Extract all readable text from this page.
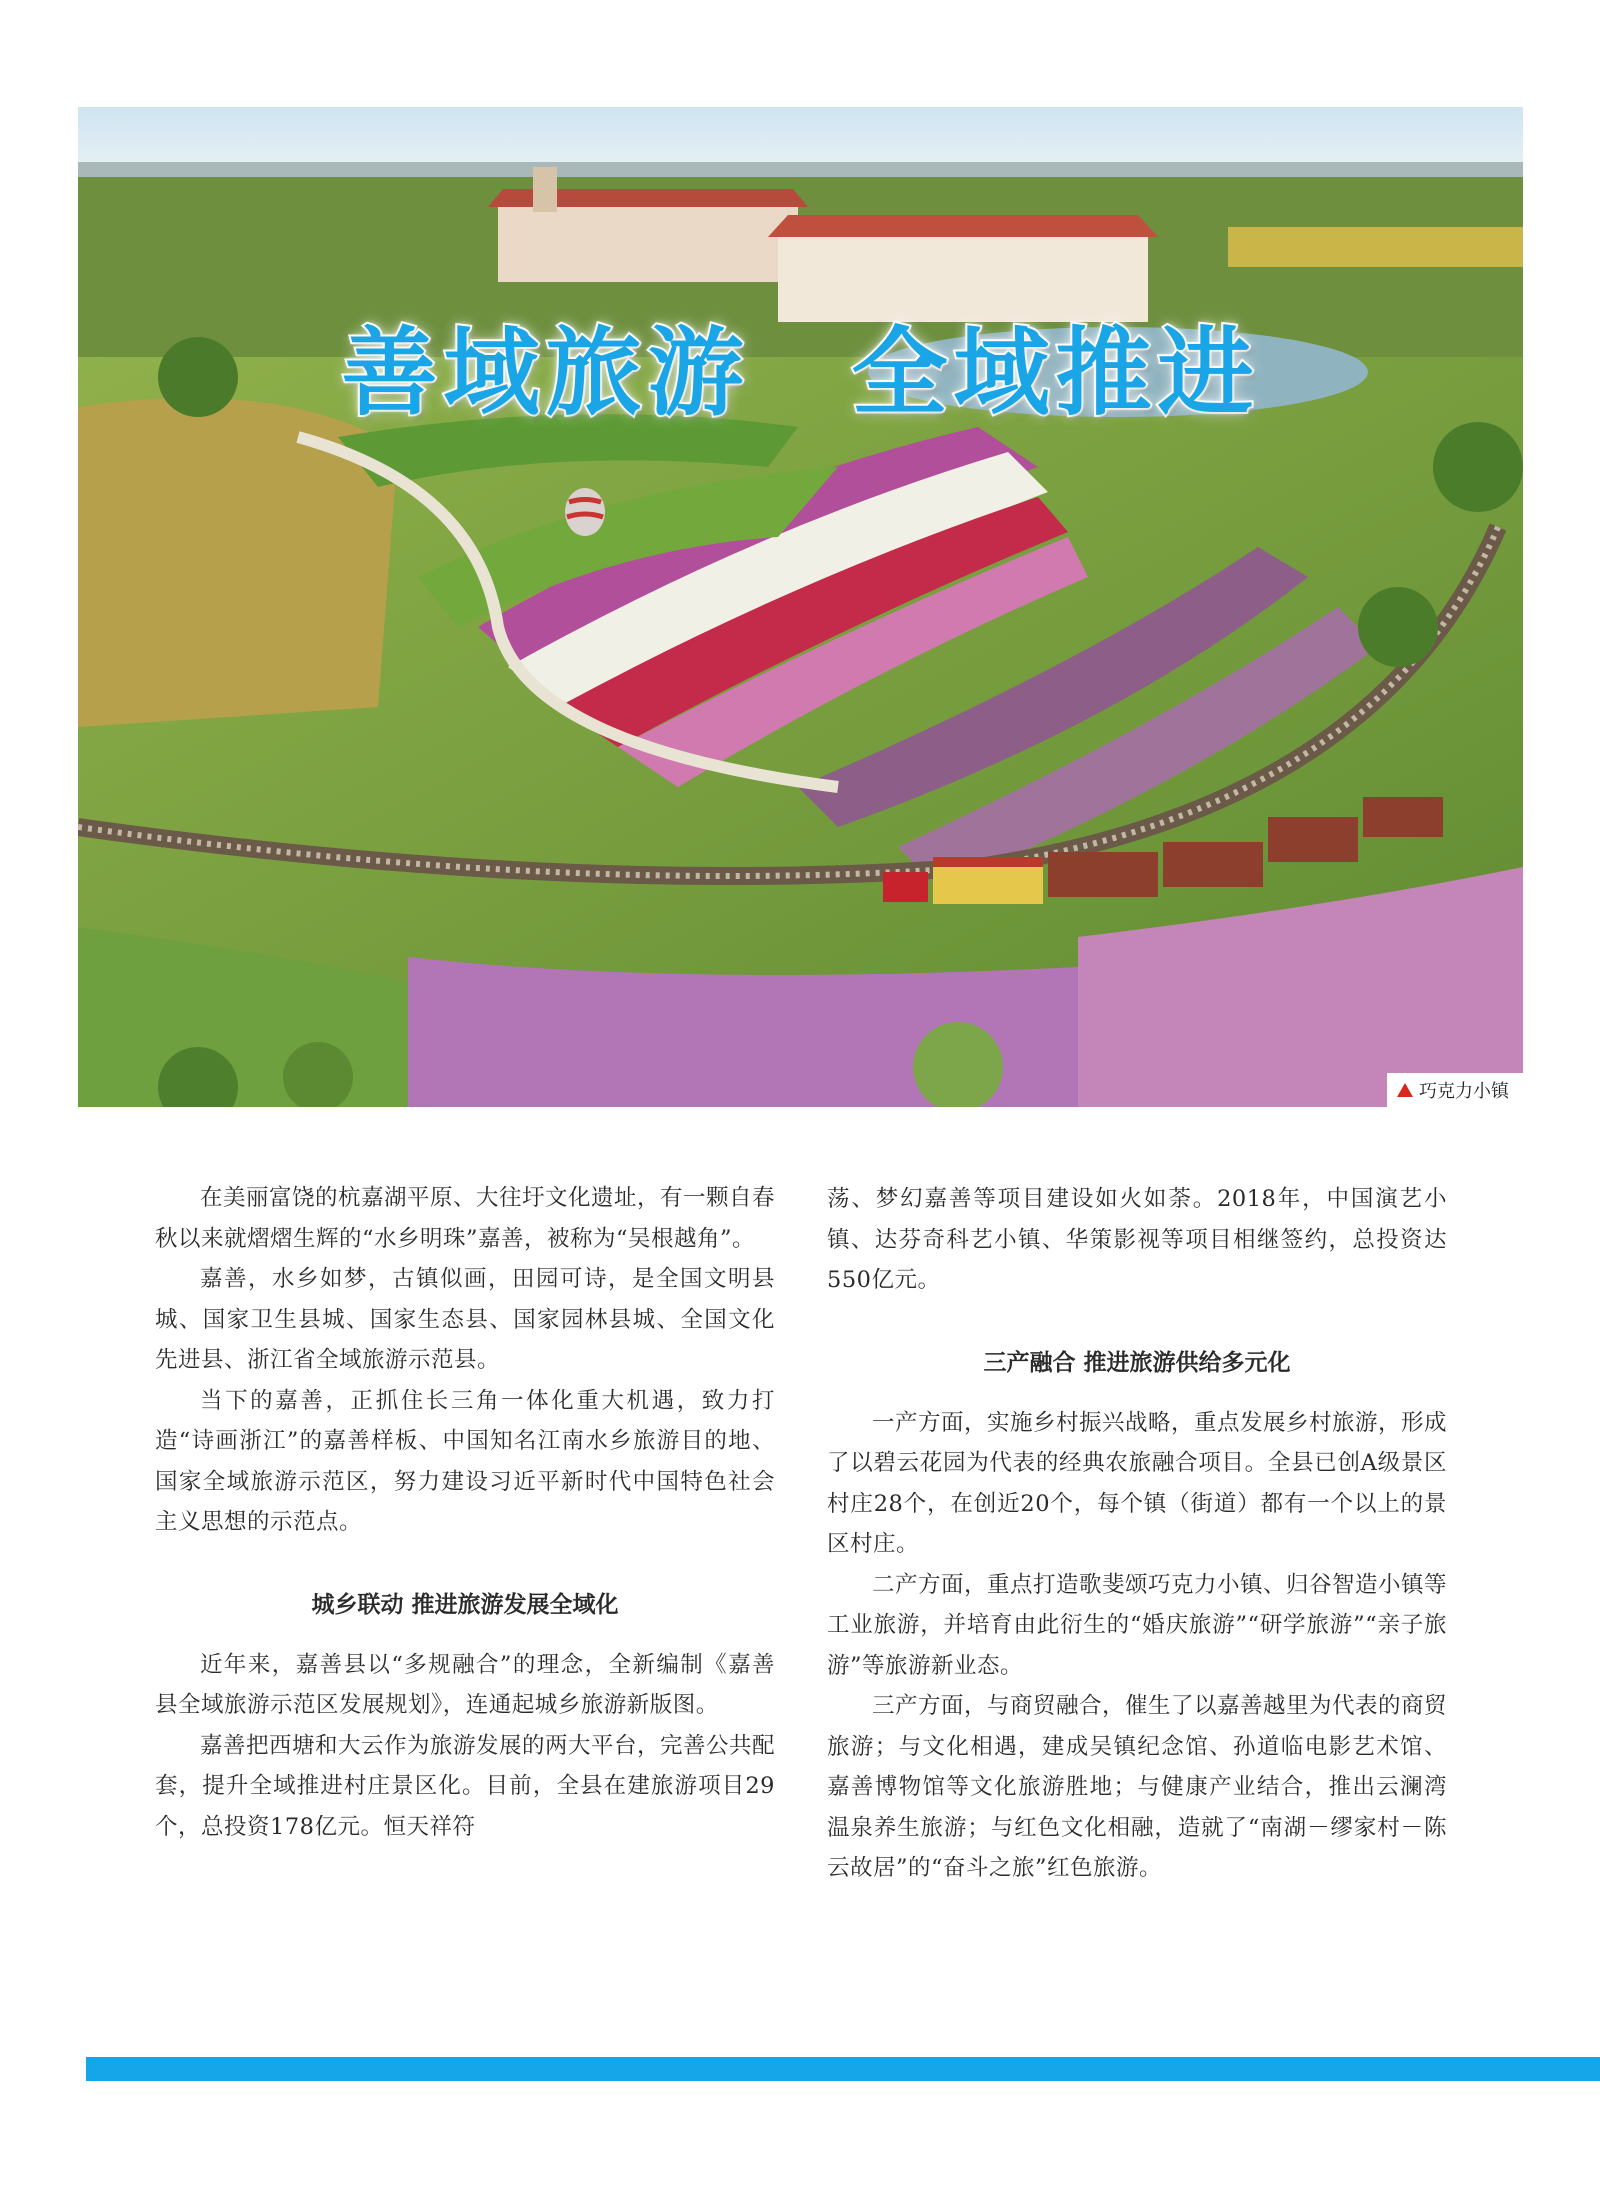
善域旅游　全域推进
巧克力小镇

在美丽富饶的杭嘉湖平原、大往圩文化遗址，有一颗自春秋以来就熠熠生辉的“水乡明珠”嘉善，被称为“吴根越角”。

嘉善，水乡如梦，古镇似画，田园可诗，是全国文明县城、国家卫生县城、国家生态县、国家园林县城、全国文化先进县、浙江省全域旅游示范县。

当下的嘉善，正抓住长三角一体化重大机遇，致力打造“诗画浙江”的嘉善样板、中国知名江南水乡旅游目的地、国家全域旅游示范区，努力建设习近平新时代中国特色社会主义思想的示范点。

城乡联动 推进旅游发展全域化

近年来，嘉善县以“多规融合”的理念，全新编制《嘉善县全域旅游示范区发展规划》，连通起城乡旅游新版图。

嘉善把西塘和大云作为旅游发展的两大平台，完善公共配套，提升全域推进村庄景区化。目前，全县在建旅游项目29个，总投资178亿元。恒天祥符

荡、梦幻嘉善等项目建设如火如荼。2018年，中国演艺小镇、达芬奇科艺小镇、华策影视等项目相继签约，总投资达550亿元。

三产融合 推进旅游供给多元化

一产方面，实施乡村振兴战略，重点发展乡村旅游，形成了以碧云花园为代表的经典农旅融合项目。全县已创A级景区村庄28个，在创近20个，每个镇（街道）都有一个以上的景区村庄。

二产方面，重点打造歌斐颂巧克力小镇、归谷智造小镇等工业旅游，并培育由此衍生的“婚庆旅游”“研学旅游”“亲子旅游”等旅游新业态。

三产方面，与商贸融合，催生了以嘉善越里为代表的商贸旅游；与文化相遇，建成吴镇纪念馆、孙道临电影艺术馆、嘉善博物馆等文化旅游胜地；与健康产业结合，推出云澜湾温泉养生旅游；与红色文化相融，造就了“南湖－缪家村－陈云故居”的“奋斗之旅”红色旅游。
